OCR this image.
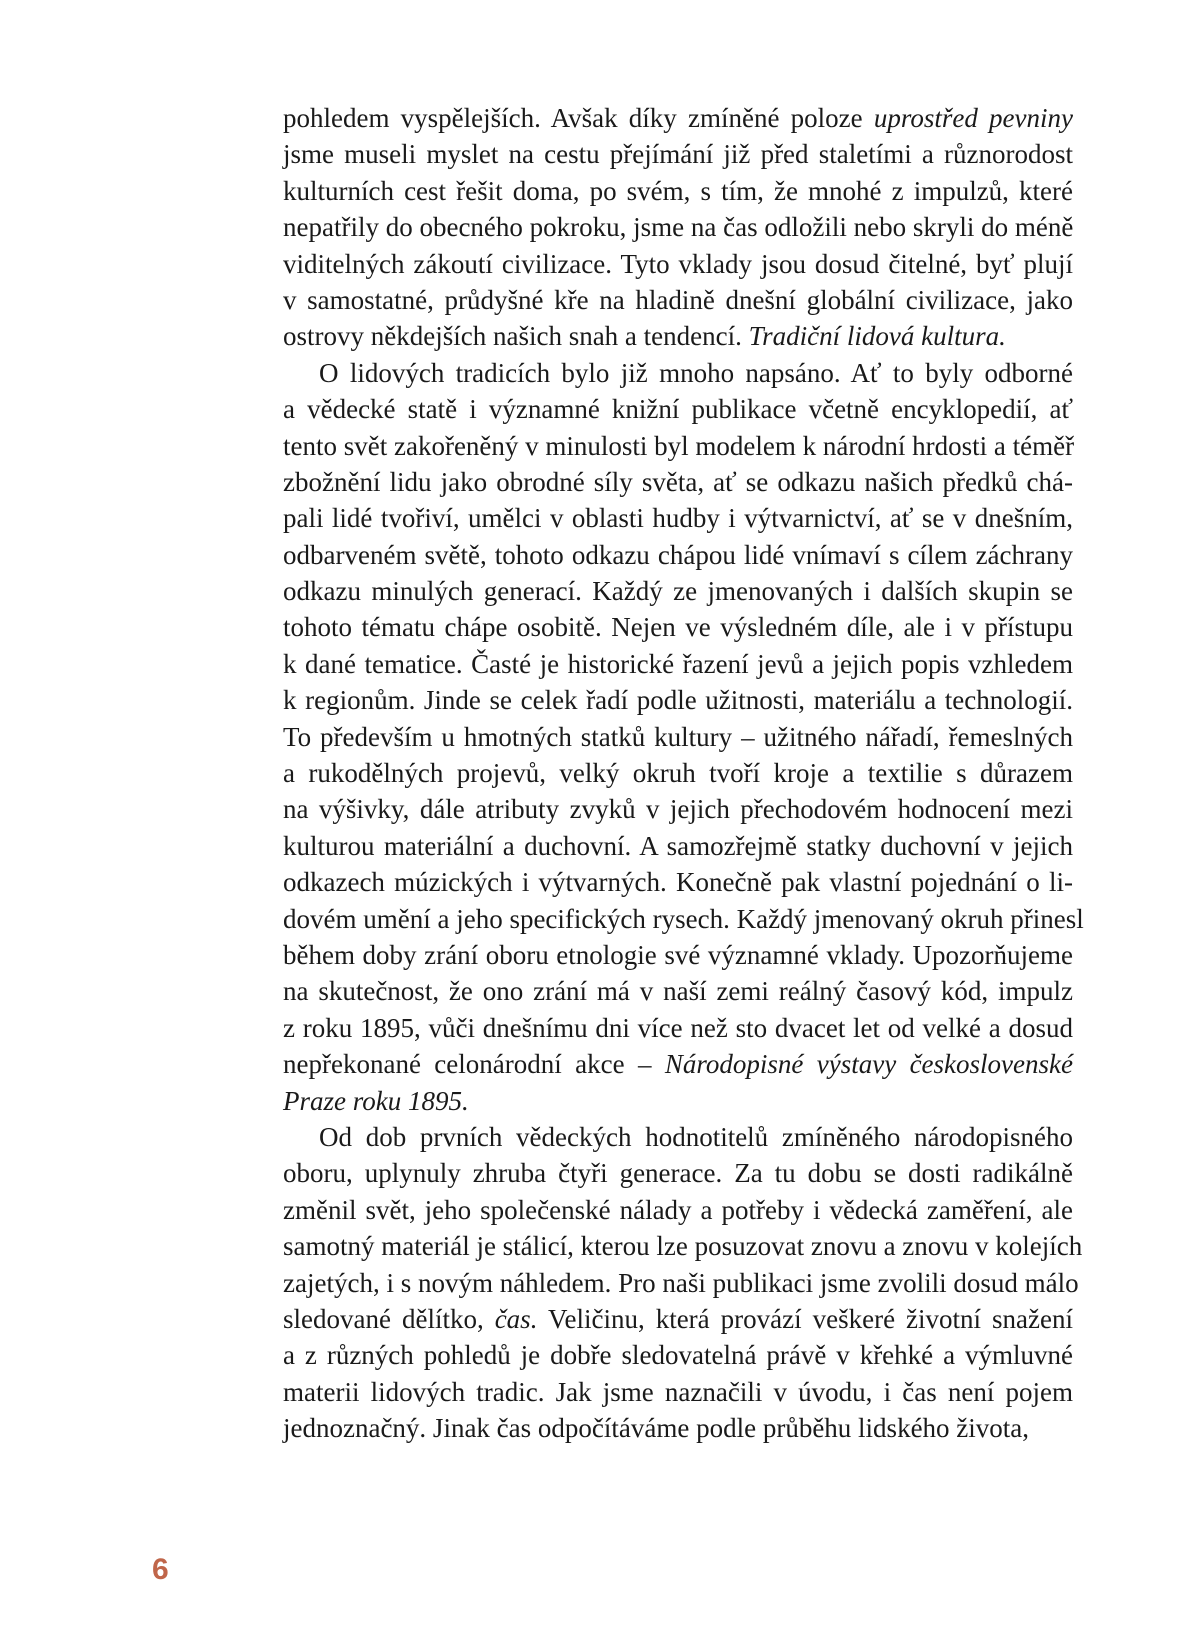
pohledem vyspělejších. Avšak díky zmíněné poloze uprostřed pevniny
jsme museli myslet na cestu přejímání již před staletími a různorodost
kulturních cest řešit doma, po svém, s tím, že mnohé z impulzů, které
nepatřily do obecného pokroku, jsme na čas odložili nebo skryli do méně
viditelných zákoutí civilizace. Tyto vklady jsou dosud čitelné, byť plují
v samostatné, průdyšné kře na hladině dnešní globální civilizace, jako
ostrovy někdejších našich snah a tendencí. Tradiční lidová kultura.
O lidových tradicích bylo již mnoho napsáno. Ať to byly odborné
a vědecké statě i významné knižní publikace včetně encyklopedií, ať
tento svět zakořeněný v minulosti byl modelem k národní hrdosti a téměř
zbožnění lidu jako obrodné síly světa, ať se odkazu našich předků chá-
pali lidé tvořiví, umělci v oblasti hudby i výtvarnictví, ať se v dnešním,
odbarveném světě, tohoto odkazu chápou lidé vnímaví s cílem záchrany
odkazu minulých generací. Každý ze jmenovaných i dalších skupin se
tohoto tématu chápe osobitě. Nejen ve výsledném díle, ale i v přístupu
k dané tematice. Časté je historické řazení jevů a jejich popis vzhledem
k regionům. Jinde se celek řadí podle užitnosti, materiálu a technologií.
To především u hmotných statků kultury – užitného nářadí, řemeslných
a rukodělných projevů, velký okruh tvoří kroje a textilie s důrazem
na výšivky, dále atributy zvyků v jejich přechodovém hodnocení mezi
kulturou materiální a duchovní. A samozřejmě statky duchovní v jejich
odkazech múzických i výtvarných. Konečně pak vlastní pojednání o li-
dovém umění a jeho specifických rysech. Každý jmenovaný okruh přinesl
během doby zrání oboru etnologie své významné vklady. Upozorňujeme
na skutečnost, že ono zrání má v naší zemi reálný časový kód, impulz
z roku 1895, vůči dnešnímu dni více než sto dvacet let od velké a dosud
nepřekonané celonárodní akce – Národopisné výstavy československé
Praze roku 1895.
Od dob prvních vědeckých hodnotitelů zmíněného národopisného
oboru, uplynuly zhruba čtyři generace. Za tu dobu se dosti radikálně
změnil svět, jeho společenské nálady a potřeby i vědecká zaměření, ale
samotný materiál je stálicí, kterou lze posuzovat znovu a znovu v kolejích
zajetých, i s novým náhledem. Pro naši publikaci jsme zvolili dosud málo
sledované dělítko, čas. Veličinu, která provází veškeré životní snažení
a z různých pohledů je dobře sledovatelná právě v křehké a výmluvné
materii lidových tradic. Jak jsme naznačili v úvodu, i čas není pojem
jednoznačný. Jinak čas odpočítáváme podle průběhu lidského života,
6
